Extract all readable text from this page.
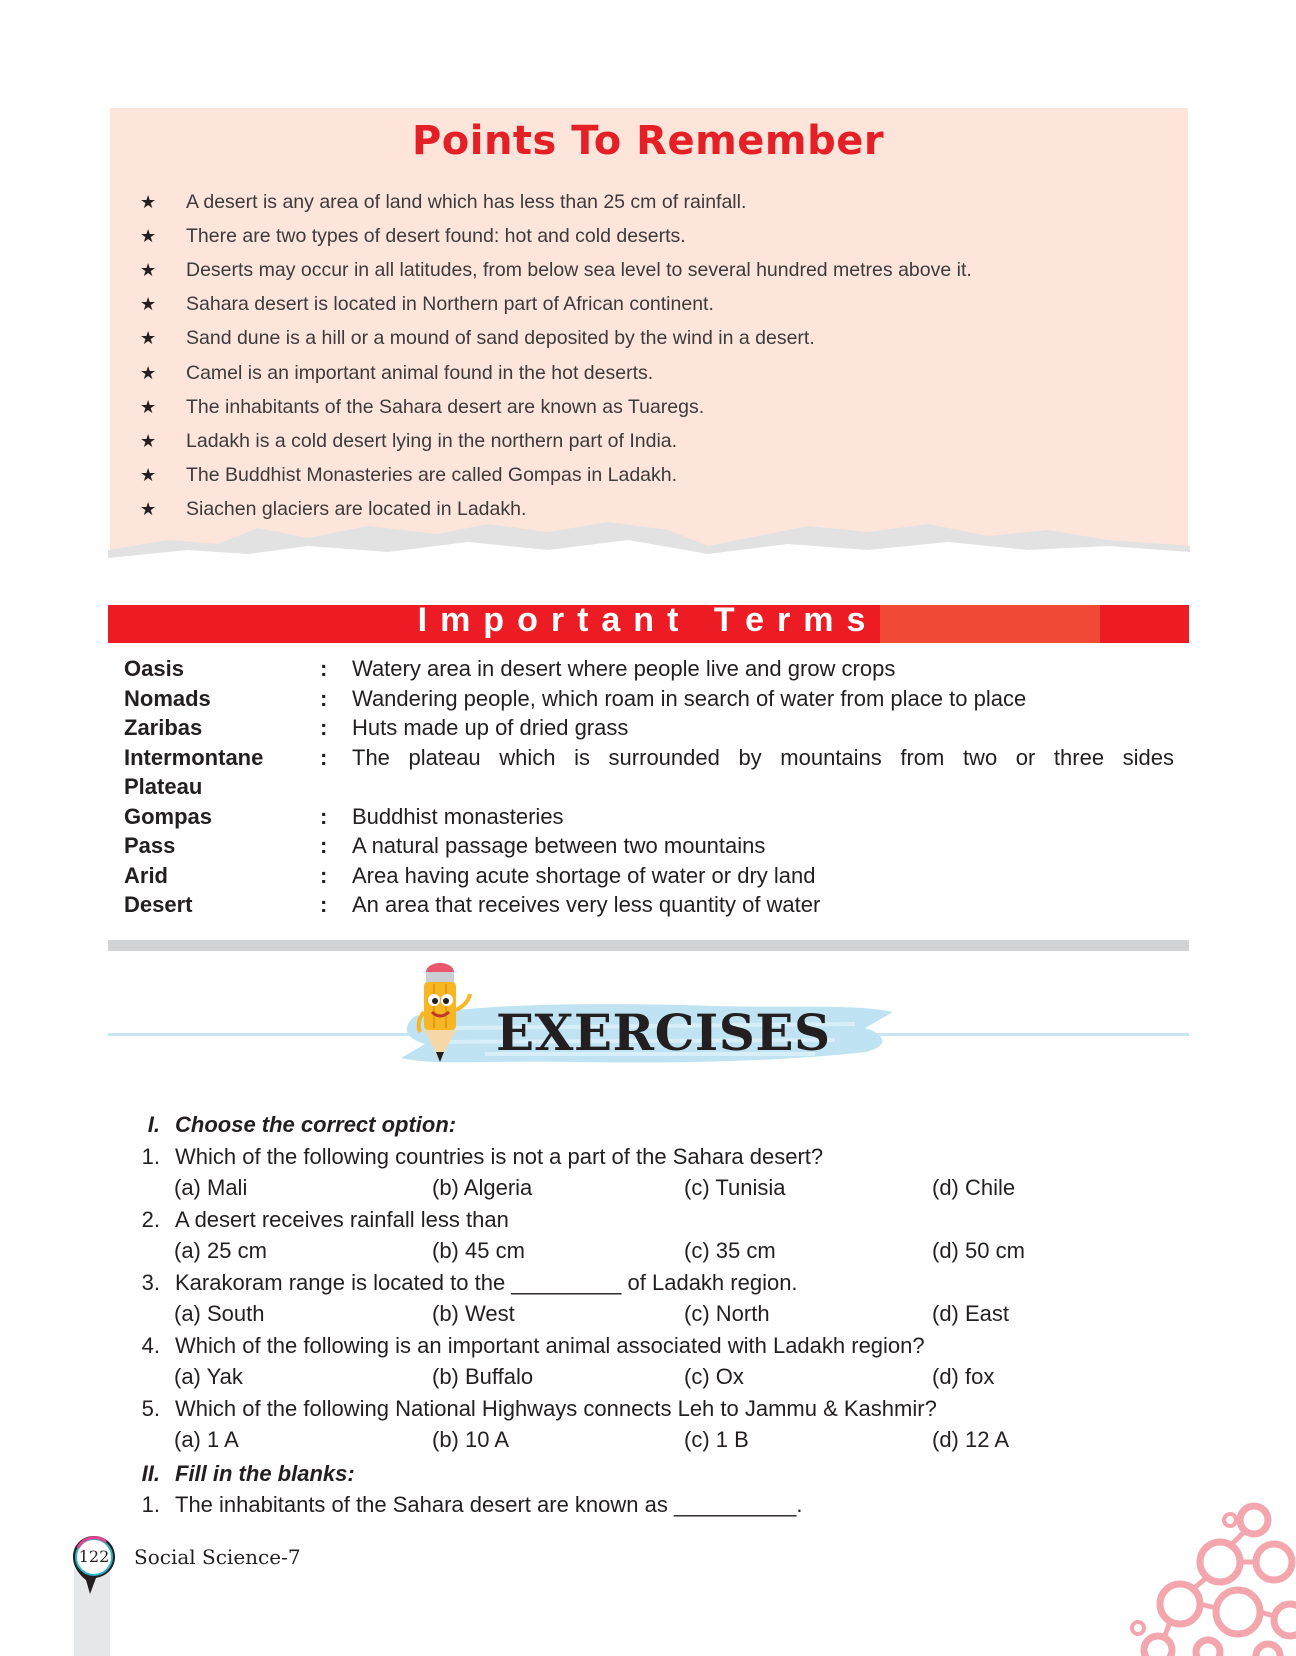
Points To Remember
★	A desert is any area of land which has less than 25 cm of rainfall.
★	There are two types of desert found: hot and cold deserts.
★	Deserts may occur in all latitudes, from below sea level to several hundred metres above it.
★	Sahara desert is located in Northern part of African continent.
★	Sand dune is a hill or a mound of sand deposited by the wind in a desert.
★	Camel is an important animal found in the hot deserts.
★	The inhabitants of the Sahara desert are known as Tuaregs.
★	Ladakh is a cold desert lying in the northern part of India.
★	The Buddhist Monasteries are called Gompas in Ladakh.
★	Siachen glaciers are located in Ladakh.
Important Terms
Oasis	: Watery area in desert where people live and grow crops
Nomads	: Wandering people, which roam in search of water from place to place
Zaribas	: Huts made up of dried grass
Intermontane
Plateau
: The plateau which is surrounded by mountains from two or three sides
Gompas	: Buddhist monasteries
Pass	: A natural passage between two mountains
Arid	: Area having acute shortage of water or dry land
Desert	: An area that receives very less quantity of water
EXERCISES
I. Choose the correct option:
1. Which of the following countries is not a part of the Sahara desert?
(a) Mali	(b) Algeria	(c) Tunisia	(d) Chile
2. A desert receives rainfall less than
(a) 25 cm	(b) 45 cm	(c) 35 cm	(d) 50 cm
3. Karakoram range is located to the _________ of Ladakh region.
(a) South	(b) West	(c) North	(d) East
4. Which of the following is an important animal associated with Ladakh region?
(a) Yak	(b) Buffalo	(c) Ox	(d) fox
5. Which of the following National Highways connects Leh to Jammu & Kashmir?
(a) 1 A	(b) 10 A	(c) 1 B	(d) 12 A
II. Fill in the blanks:
1. The inhabitants of the Sahara desert are known as __________.
122 Social Science-7
